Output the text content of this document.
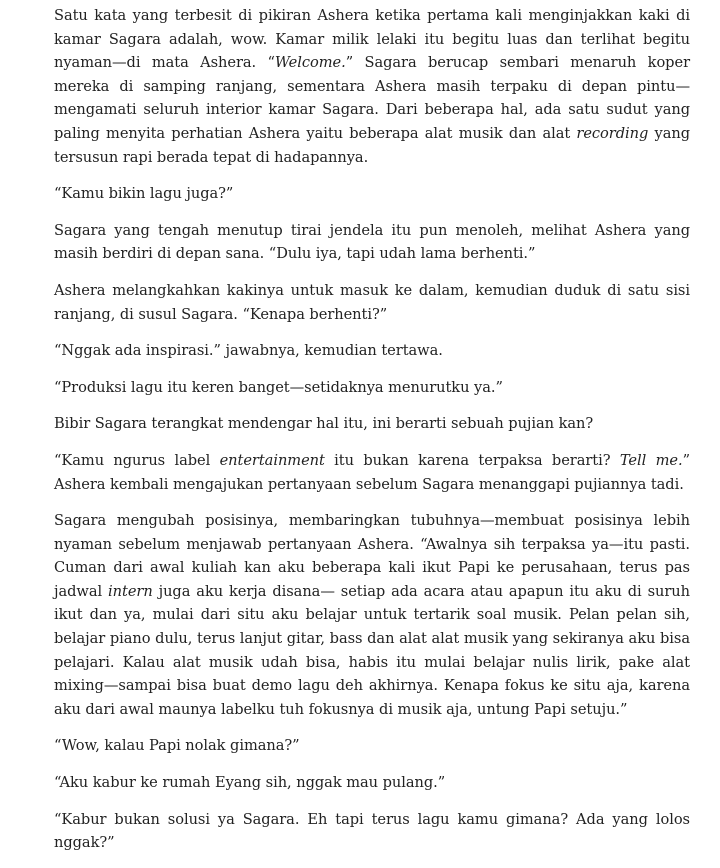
Satu kata yang terbesit di pikiran Ashera ketika pertama kali menginjakkan kaki di kamar Sagara adalah, wow. Kamar milik lelaki itu begitu luas dan terlihat begitu nyaman—di mata Ashera. “Welcome.” Sagara berucap sembari menaruh koper mereka di samping ranjang, sementara Ashera masih terpaku di depan pintu—mengamati seluruh interior kamar Sagara. Dari beberapa hal, ada satu sudut yang paling menyita perhatian Ashera yaitu beberapa alat musik dan alat recording yang tersusun rapi berada tepat di hadapannya.

“Kamu bikin lagu juga?”

Sagara yang tengah menutup tirai jendela itu pun menoleh, melihat Ashera yang masih berdiri di depan sana. “Dulu iya, tapi udah lama berhenti.”

Ashera melangkahkan kakinya untuk masuk ke dalam, kemudian duduk di satu sisi ranjang, di susul Sagara. “Kenapa berhenti?”

“Nggak ada inspirasi.” jawabnya, kemudian tertawa.

“Produksi lagu itu keren banget—setidaknya menurutku ya.”

Bibir Sagara terangkat mendengar hal itu, ini berarti sebuah pujian kan?

“Kamu ngurus label entertainment itu bukan karena terpaksa berarti? Tell me.” Ashera kembali mengajukan pertanyaan sebelum Sagara menanggapi pujiannya tadi.

Sagara mengubah posisinya, membaringkan tubuhnya—membuat posisinya lebih nyaman sebelum menjawab pertanyaan Ashera. “Awalnya sih terpaksa ya—itu pasti. Cuman dari awal kuliah kan aku beberapa kali ikut Papi ke perusahaan, terus pas jadwal intern juga aku kerja disana— setiap ada acara atau apapun itu aku di suruh ikut dan ya, mulai dari situ aku belajar untuk tertarik soal musik. Pelan pelan sih, belajar piano dulu, terus lanjut gitar, bass dan alat alat musik yang sekiranya aku bisa pelajari. Kalau alat musik udah bisa, habis itu mulai belajar nulis lirik, pake alat mixing—sampai bisa buat demo lagu deh akhirnya. Kenapa fokus ke situ aja, karena aku dari awal maunya labelku tuh fokusnya di musik aja, untung Papi setuju.”

“Wow, kalau Papi nolak gimana?”

“Aku kabur ke rumah Eyang sih, nggak mau pulang.”

“Kabur bukan solusi ya Sagara. Eh tapi terus lagu kamu gimana? Ada yang lolos nggak?”
